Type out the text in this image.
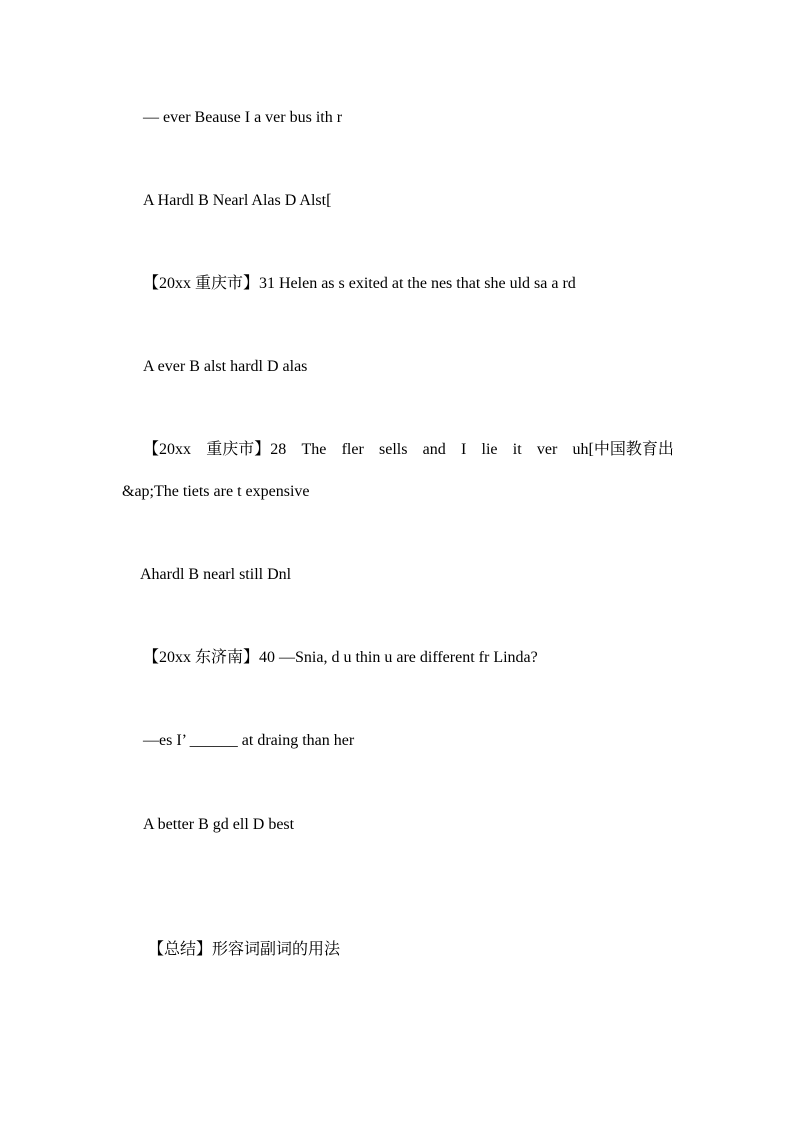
— ever Beause I a ver bus ith r
A Hardl B Nearl Alas D Alst[
【20xx 重庆市】31 Helen as s exited at the nes that she uld sa a rd
A ever B alst hardl D alas
【20xx 重庆市】28 The fler sells and I lie it ver uh[中国教育出
&ap;The tiets are t expensive
Ahardl B nearl still Dnl
【20xx 东济南】40 —Snia, d u thin u are different fr Linda?
—es I’ ______ at draing than her
A better B gd ell D best
【总结】形容词副词的用法
